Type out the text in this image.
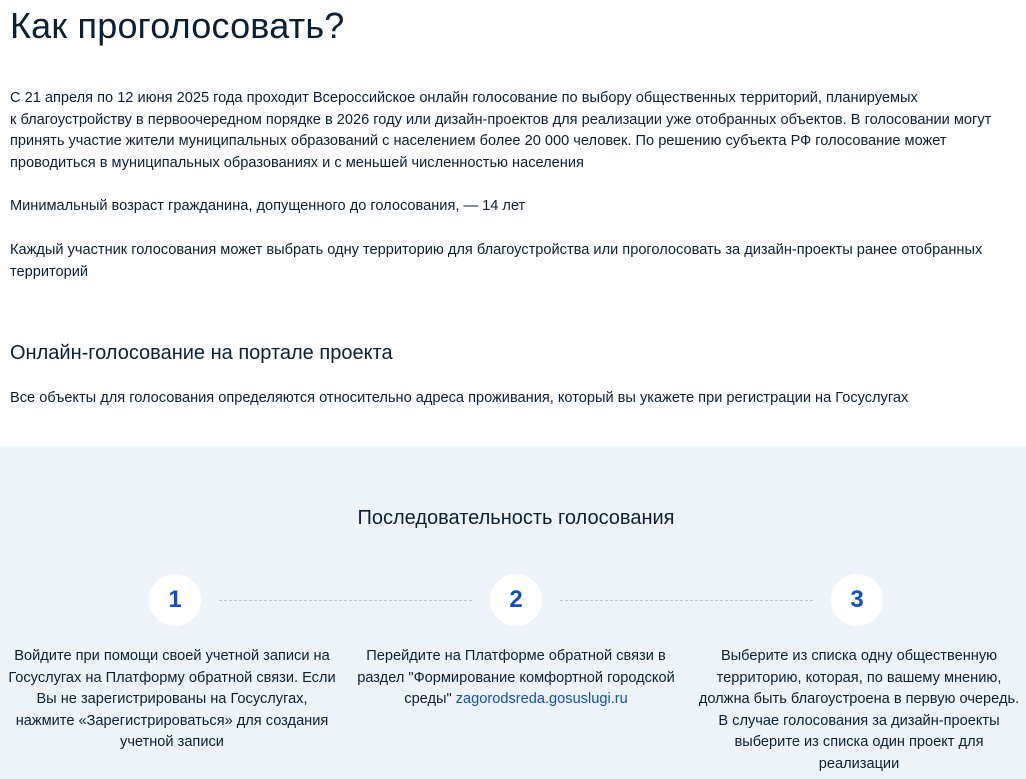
Как проголосовать?

С 21 апреля по 12 июня 2025 года проходит Всероссийское онлайн голосование по выбору общественных территорий, планируемых

к благоустройству в первоочередном порядке в 2026 году или дизайн-проектов для реализации уже отобранных объектов. В голосовании могут

принять участие жители муниципальных образований с населением более 20 000 человек. По решению субъекта РФ голосование может

проводиться в муниципальных образованиях и с меньшей численностью населения

Минимальный возраст гражданина, допущенного до голосования, — 14 лет

Каждый участник голосования может выбрать одну территорию для благоустройства или проголосовать за дизайн-проекты ранее отобранных

территорий

Онлайн-голосование на портале проекта

Все объекты для голосования определяются относительно адреса проживания, который вы укажете при регистрации на Госуслугах

Последовательность голосования
1	2	3

Войдите при помощи своей учетной записи на
Госуслугах на Платформу обратной связи. Если
Вы не зарегистрированы на Госуслугах,
нажмите «Зарегистрироваться» для создания
учетной записи

Перейдите на Платформе обратной связи в
раздел "Формирование комфортной городской
среды" zagorodsreda.gosuslugi.ru

Выберите из списка одну общественную
территорию, которая, по вашему мнению,
должна быть благоустроена в первую очередь.
В случае голосования за дизайн-проекты
выберите из списка один проект для
реализации
